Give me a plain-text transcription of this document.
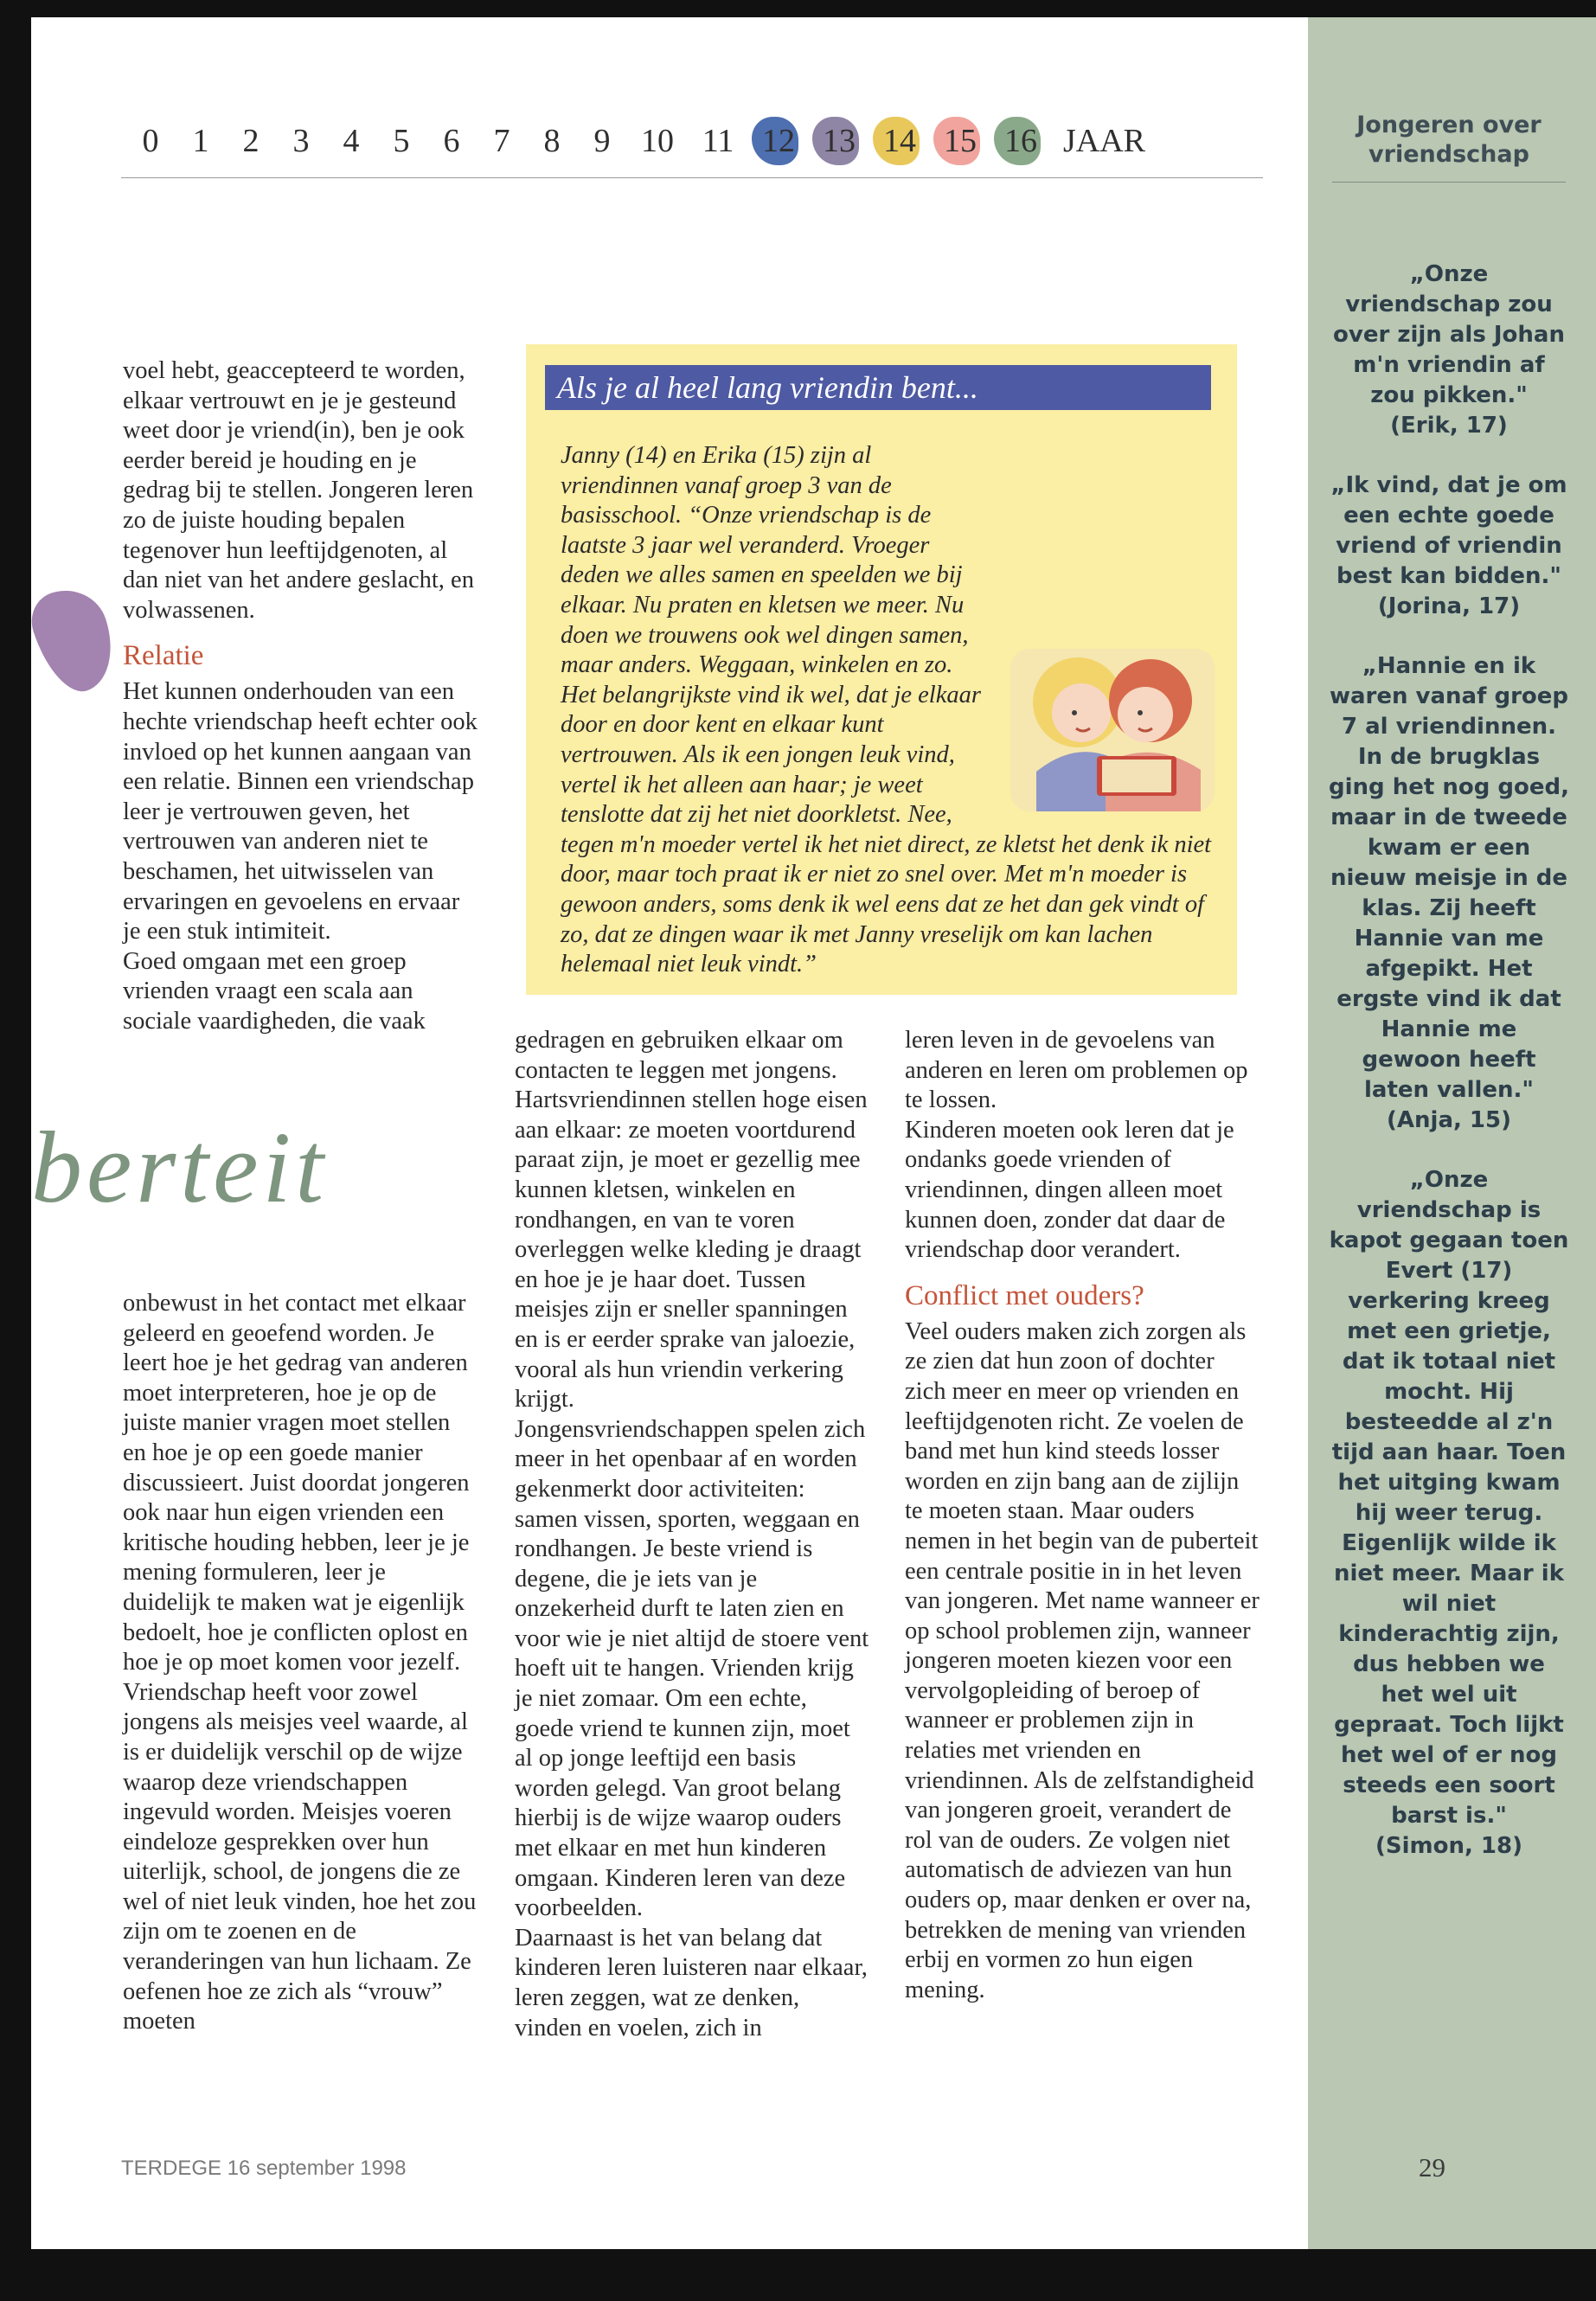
0	1	2	3	4	5	6	7	8	9 10 11 12 13 14 15 16 JAAR	Jongeren over vriendschap

„Onze vriendschap zou over zijn als Johan m'n vriendin af zou pikken."
(Erik, 17)

„Ik vind, dat je om een echte goede vriend of vriendin best kan bidden."
(Jorina, 17)

„Hannie en ik waren vanaf groep 7 al vriendinnen. In de brugklas ging het nog goed, maar in de tweede kwam er een nieuw meisje in de klas. Zij heeft Hannie van me afgepikt. Het ergste vind ik dat Hannie me gewoon heeft laten vallen."
(Anja, 15)

„Onze vriendschap is kapot gegaan toen Evert (17) verkering kreeg met een grietje, dat ik totaal niet mocht. Hij besteedde al z'n tijd aan haar. Toen het uitging kwam hij weer terug. Eigenlijk wilde ik niet meer. Maar ik wil niet kinderachtig zijn, dus hebben we het wel uit gepraat. Toch lijkt het wel of er nog steeds een soort barst is."
(Simon, 18)

voel hebt, geaccepteerd te worden, elkaar vertrouwt en je je gesteund weet door je vriend(in), ben je ook eerder bereid je houding en je gedrag bij te stellen. Jongeren leren zo de juiste houding bepalen tegenover hun leeftijdgenoten, al dan niet van het andere geslacht, en volwassenen.

Relatie

Het kunnen onderhouden van een hechte vriendschap heeft echter ook invloed op het kunnen aangaan van een relatie. Binnen een vriendschap leer je vertrouwen geven, het vertrouwen van anderen niet te beschamen, het uitwisselen van ervaringen en gevoelens en ervaar je een stuk intimiteit.

Goed omgaan met een groep vrienden vraagt een scala aan sociale vaardigheden, die vaak

berteit

onbewust in het contact met elkaar geleerd en geoefend worden. Je leert hoe je het gedrag van anderen moet interpreteren, hoe je op de juiste manier vragen moet stellen en hoe je op een goede manier discussieert. Juist doordat jongeren ook naar hun eigen vrienden een kritische houding hebben, leer je je mening formuleren, leer je duidelijk te maken wat je eigenlijk bedoelt, hoe je conflicten oplost en hoe je op moet komen voor jezelf.

Vriendschap heeft voor zowel jongens als meisjes veel waarde, al is er duidelijk verschil op de wijze waarop deze vriendschappen ingevuld worden. Meisjes voeren eindeloze gesprekken over hun uiterlijk, school, de jongens die ze wel of niet leuk vinden, hoe het zou zijn om te zoenen en de veranderingen van hun lichaam. Ze oefenen hoe ze zich als “vrouw” moeten

Als je al heel lang vriendin bent...
Janny (14) en Erika (15) zijn al vriendinnen vanaf groep 3 van de basisschool. “Onze vriendschap is de laatste 3 jaar wel veranderd. Vroeger deden we alles samen en speelden we bij elkaar. Nu praten en kletsen we meer. Nu doen we trouwens ook wel dingen samen, maar anders. Weggaan, winkelen en zo. Het belangrijkste vind ik wel, dat je elkaar door en door kent en elkaar kunt vertrouwen. Als ik een jongen leuk vind, vertel ik het alleen aan haar; je weet tenslotte dat zij het niet doorkletst. Nee, tegen m'n moeder vertel ik het niet direct, ze kletst het denk ik niet door, maar toch praat ik er niet zo snel over. Met m'n moeder is gewoon anders, soms denk ik wel eens dat ze het dan gek vindt of zo, dat ze dingen waar ik met Janny vreselijk om kan lachen helemaal niet leuk vindt.”

gedragen en gebruiken elkaar om contacten te leggen met jongens. Hartsvriendinnen stellen hoge eisen aan elkaar: ze moeten voortdurend paraat zijn, je moet er gezellig mee kunnen kletsen, winkelen en rondhangen, en van te voren overleggen welke kleding je draagt en hoe je je haar doet. Tussen meisjes zijn er sneller spanningen en is er eerder sprake van jaloezie, vooral als hun vriendin verkering krijgt.

Jongensvriendschappen spelen zich meer in het openbaar af en worden gekenmerkt door activiteiten: samen vissen, sporten, weggaan en rondhangen. Je beste vriend is degene, die je iets van je onzekerheid durft te laten zien en voor wie je niet altijd de stoere vent hoeft uit te hangen. Vrienden krijg je niet zomaar. Om een echte, goede vriend te kunnen zijn, moet al op jonge leeftijd een basis worden gelegd. Van groot belang hierbij is de wijze waarop ouders met elkaar en met hun kinderen omgaan. Kinderen leren van deze voorbeelden.

Daarnaast is het van belang dat kinderen leren luisteren naar elkaar, leren zeggen, wat ze denken, vinden en voelen, zich in

leren leven in de gevoelens van anderen en leren om problemen op te lossen.

Kinderen moeten ook leren dat je ondanks goede vrienden of vriendinnen, dingen alleen moet kunnen doen, zonder dat daar de vriendschap door verandert.

Conflict met ouders?

Veel ouders maken zich zorgen als ze zien dat hun zoon of dochter zich meer en meer op vrienden en leeftijdgenoten richt. Ze voelen de band met hun kind steeds losser worden en zijn bang aan de zijlijn te moeten staan. Maar ouders nemen in het begin van de puberteit een centrale positie in in het leven van jongeren. Met name wanneer er op school problemen zijn, wanneer jongeren moeten kiezen voor een vervolgopleiding of beroep of wanneer er problemen zijn in relaties met vrienden en vriendinnen. Als de zelfstandigheid van jongeren groeit, verandert de rol van de ouders. Ze volgen niet automatisch de adviezen van hun ouders op, maar denken er over na, betrekken de mening van vrienden erbij en vormen zo hun eigen mening.

TERDEGE 16 september 1998	29
